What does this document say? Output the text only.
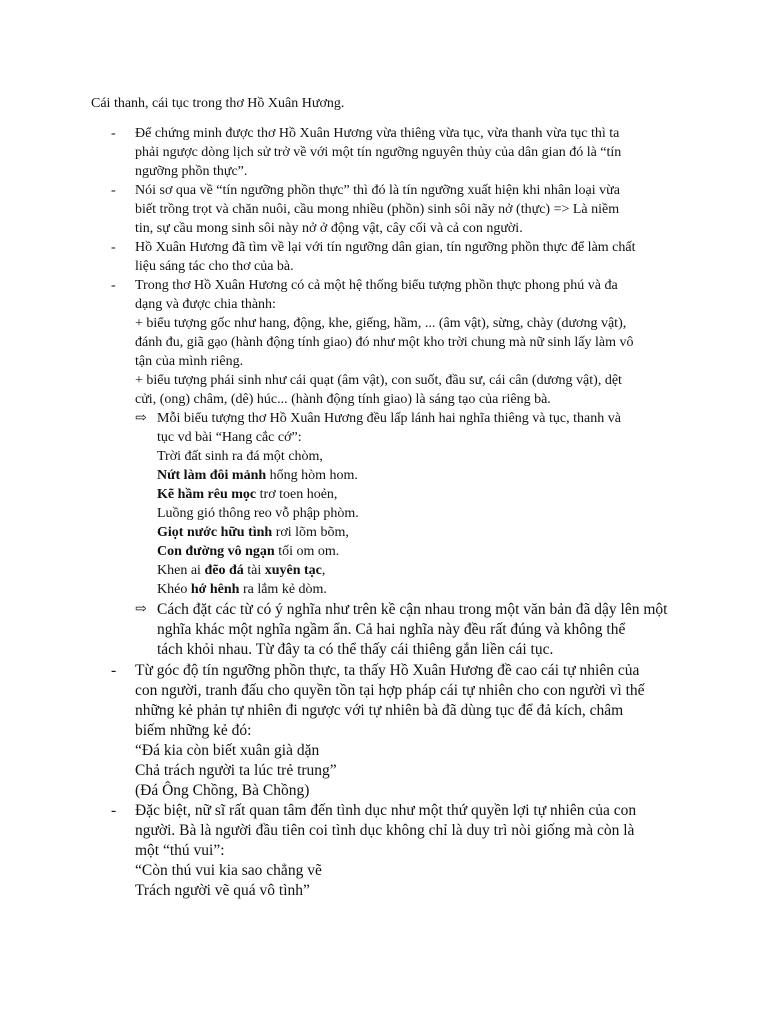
Cái thanh, cái tục trong thơ Hồ Xuân Hương.
- Để chứng minh được thơ Hồ Xuân Hương vừa thiêng vừa tục, vừa thanh vừa tục thì ta
phải ngược dòng lịch sử trở về với một tín ngưỡng nguyên thủy của dân gian đó là “tín
ngưỡng phồn thực”.
- Nói sơ qua về “tín ngưỡng phồn thực” thì đó là tín ngưỡng xuất hiện khi nhân loại vừa
biết trồng trọt và chăn nuôi, cầu mong nhiều (phồn) sinh sôi nãy nở (thực) => Là niềm
tin, sự cầu mong sinh sôi này nở ở động vật, cây cối và cả con người.
- Hồ Xuân Hương đã tìm về lại với tín ngưỡng dân gian, tín ngưỡng phồn thực để làm chất
liệu sáng tác cho thơ của bà.
- Trong thơ Hồ Xuân Hương có cả một hệ thống biểu tượng phồn thực phong phú và đa
dạng và được chia thành:
+ biểu tượng gốc như hang, động, khe, giếng, hầm, ... (âm vật), sừng, chày (dương vật),
đánh đu, giã gạo (hành động tính giao) đó như một kho trời chung mà nữ sinh lấy làm vô
tận của mình riêng.
+ biểu tượng phái sinh như cái quạt (âm vật), con suốt, đầu sư, cái cân (dương vật), dệt
cửi, (ong) châm, (dê) húc... (hành động tính giao) là sáng tạo của riêng bà.
⇨ Mỗi biểu tượng thơ Hồ Xuân Hương đều lấp lánh hai nghĩa thiêng và tục, thanh và
tục vd bài “Hang cắc cớ”:
Trời đất sinh ra đá một chòm,
Nứt làm đôi mảnh hổng hòm hom.
Kẽ hầm rêu mọc trơ toen hoẻn,
Luồng gió thông reo vỗ phập phòm.
Giọt nước hữu tình rơi lõm bõm,
Con đường vô ngạn tối om om.
Khen ai đẽo đá tài xuyên tạc,
Khéo hớ hênh ra lắm kẻ dòm.
⇨ Cách đặt các từ có ý nghĩa như trên kề cận nhau trong một văn bản đã dậy lên một
nghĩa khác một nghĩa ngầm ẩn. Cả hai nghĩa này đều rất đúng và không thể
tách khỏi nhau. Từ đây ta có thể thấy cái thiêng gắn liền cái tục.
- Từ góc độ tín ngưỡng phồn thực, ta thấy Hồ Xuân Hương đề cao cái tự nhiên của
con người, tranh đấu cho quyền tồn tại hợp pháp cái tự nhiên cho con người vì thế
những kẻ phản tự nhiên đi ngược với tự nhiên bà đã dùng tục để đả kích, châm
biếm những kẻ đó:
“Đá kia còn biết xuân già dặn
Chả trách người ta lúc trẻ trung”
(Đá Ông Chồng, Bà Chồng)
- Đặc biệt, nữ sĩ rất quan tâm đến tình dục như một thứ quyền lợi tự nhiên của con
người. Bà là người đầu tiên coi tình dục không chỉ là duy trì nòi giống mà còn là
một “thú vui”:
“Còn thú vui kia sao chẳng vẽ
Trách người vẽ quá vô tình”
